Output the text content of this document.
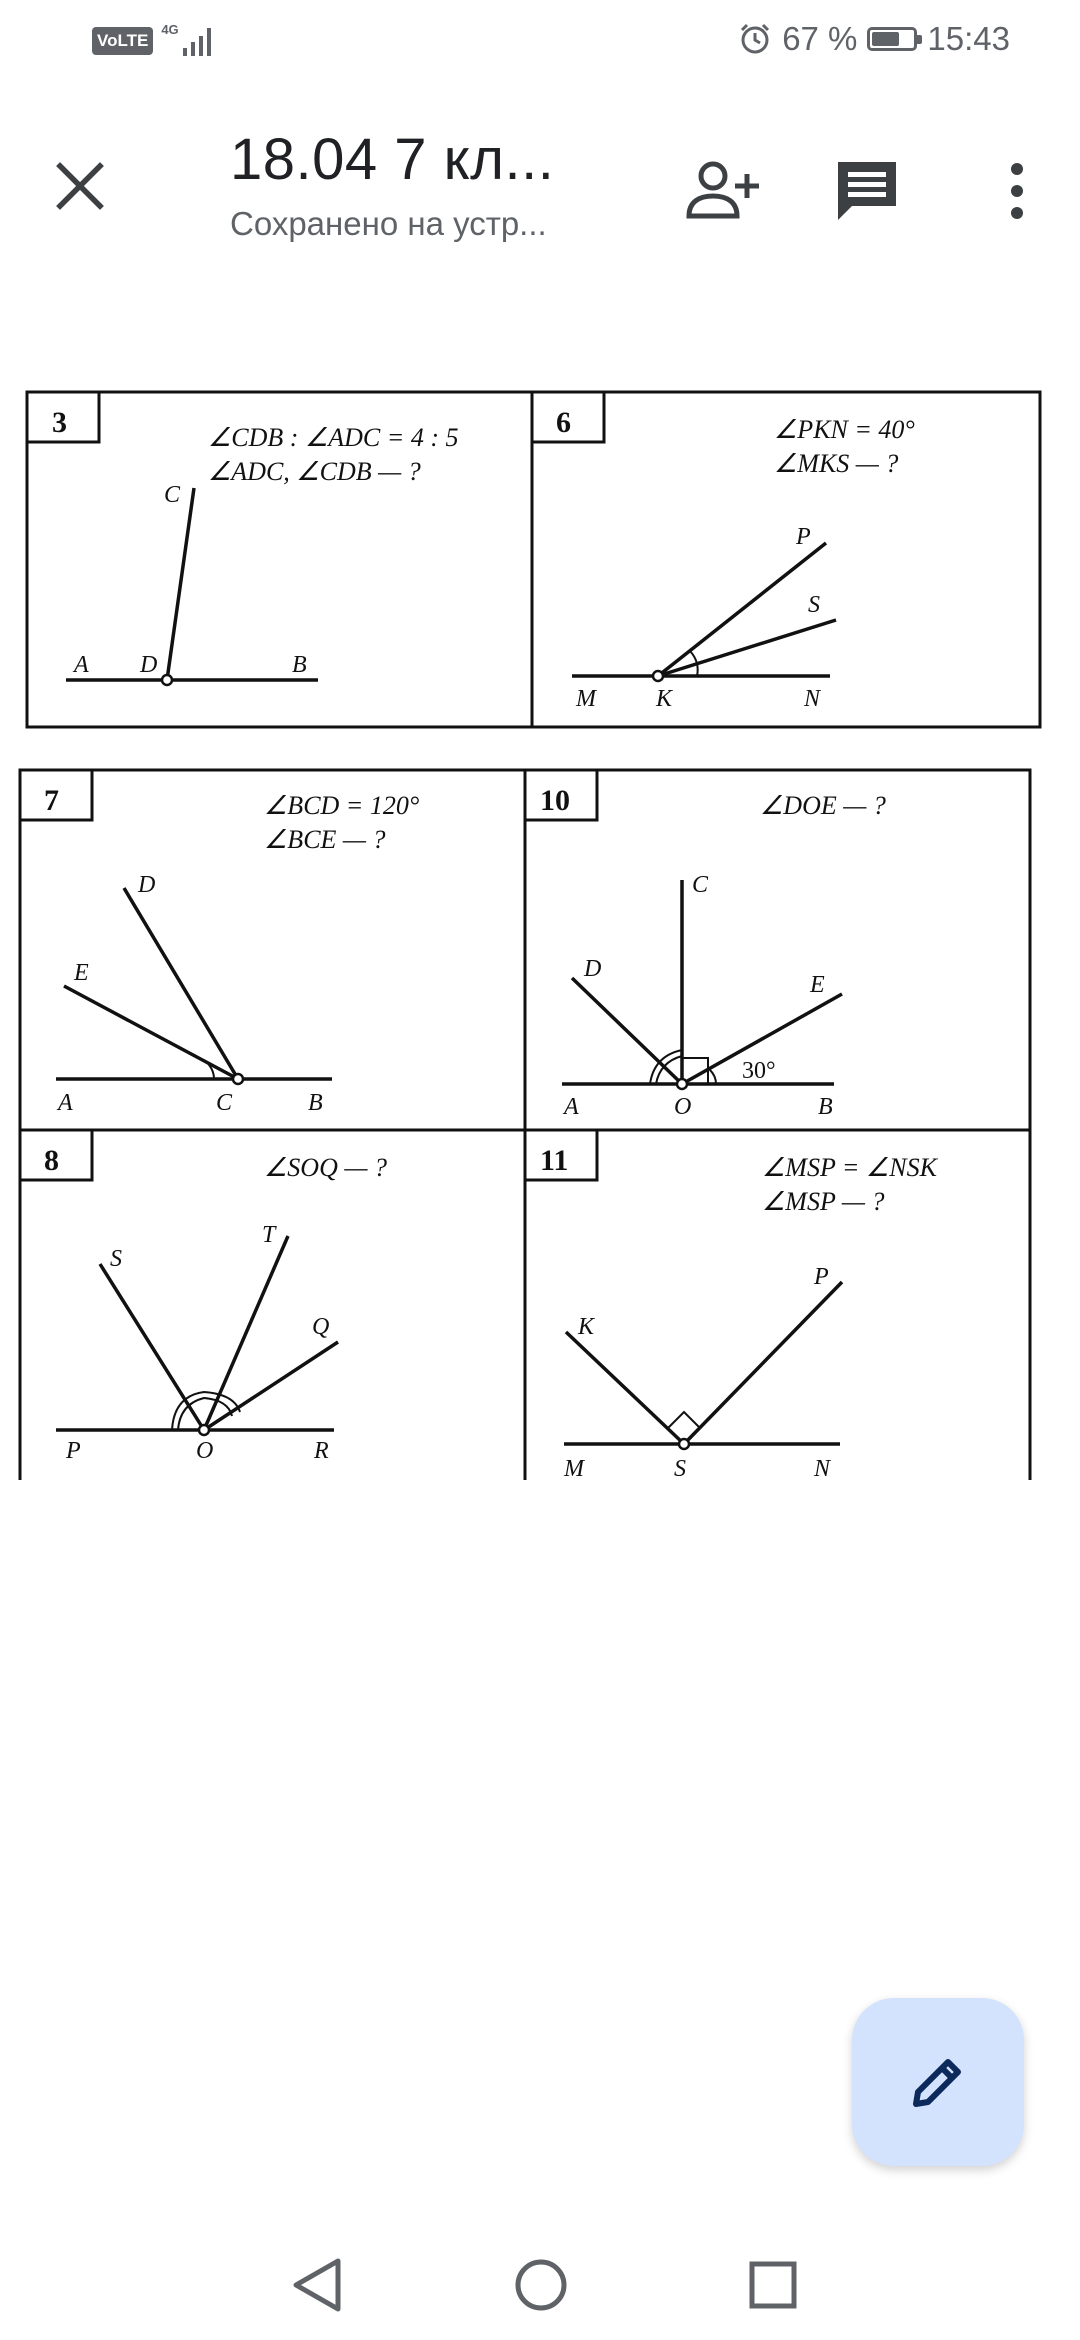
VoLTE
4G	67 % 15:43
18.04 7 кл...
Сохранено на устр...
3	∠CDB : ∠ADC = 4 : 5
∠ADC, ∠CDB — ?
C
A D	B
6	∠PKN = 40°
∠MKS — ?
P
S
M	K	N
7	∠BCD = 120°
∠BCE — ?
D
E
A	C	B
10	∠DOE — ?
C
D
E
A	O	B
30°
8	∠SOQ — ?
S
T
Q
P	O	R
11	∠MSP = ∠NSK
∠MSP — ?
K
P
M	S	N
